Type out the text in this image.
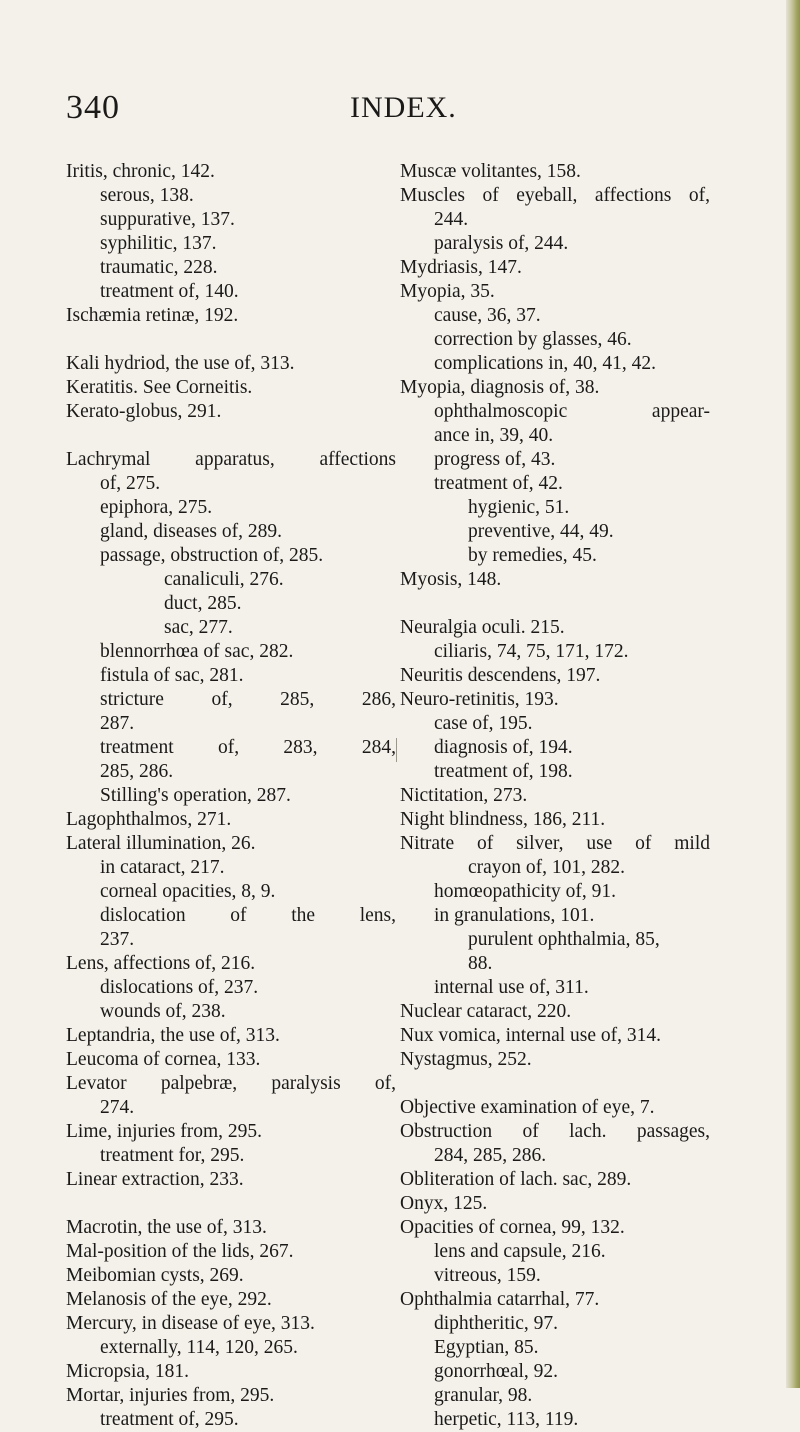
340	INDEX.
Iritis, chronic, 142.
serous, 138.
suppurative, 137.
syphilitic, 137.
traumatic, 228.
treatment of, 140.
Ischæmia retinæ, 192.
Kali hydriod, the use of, 313.
Keratitis. See Corneitis.
Kerato-globus, 291.
Lachrymal apparatus, affections
of, 275.
epiphora, 275.
gland, diseases of, 289.
passage, obstruction of, 285.
canaliculi, 276.
duct, 285.
sac, 277.
blennorrhœa of sac, 282.
fistula of sac, 281.
stricture of, 285, 286,
287.
treatment of, 283, 284,
285, 286.
Stilling's operation, 287.
Lagophthalmos, 271.
Lateral illumination, 26.
in cataract, 217.
corneal opacities, 8, 9.
dislocation of the lens,
237.
Lens, affections of, 216.
dislocations of, 237.
wounds of, 238.
Leptandria, the use of, 313.
Leucoma of cornea, 133.
Levator palpebræ, paralysis of,
274.
Lime, injuries from, 295.
treatment for, 295.
Linear extraction, 233.
Macrotin, the use of, 313.
Mal-position of the lids, 267.
Meibomian cysts, 269.
Melanosis of the eye, 292.
Mercury, in disease of eye, 313.
externally, 114, 120, 265.
Micropsia, 181.
Mortar, injuries from, 295.
treatment of, 295.
Muscæ volitantes, 158.
Muscles of eyeball, affections of,
244.
paralysis of, 244.
Mydriasis, 147.
Myopia, 35.
cause, 36, 37.
correction by glasses, 46.
complications in, 40, 41, 42.
Myopia, diagnosis of, 38.
ophthalmoscopic appear-
ance in, 39, 40.
progress of, 43.
treatment of, 42.
hygienic, 51.
preventive, 44, 49.
by remedies, 45.
Myosis, 148.
Neuralgia oculi. 215.
ciliaris, 74, 75, 171, 172.
Neuritis descendens, 197.
Neuro-retinitis, 193.
case of, 195.
diagnosis of, 194.
treatment of, 198.
Nictitation, 273.
Night blindness, 186, 211.
Nitrate of silver, use of mild
crayon of, 101, 282.
homœopathicity of, 91.
in granulations, 101.
purulent ophthalmia, 85,
88.
internal use of, 311.
Nuclear cataract, 220.
Nux vomica, internal use of, 314.
Nystagmus, 252.
Objective examination of eye, 7.
Obstruction of lach. passages,
284, 285, 286.
Obliteration of lach. sac, 289.
Onyx, 125.
Opacities of cornea, 99, 132.
lens and capsule, 216.
vitreous, 159.
Ophthalmia catarrhal, 77.
diphtheritic, 97.
Egyptian, 85.
gonorrhœal, 92.
granular, 98.
herpetic, 113, 119.
